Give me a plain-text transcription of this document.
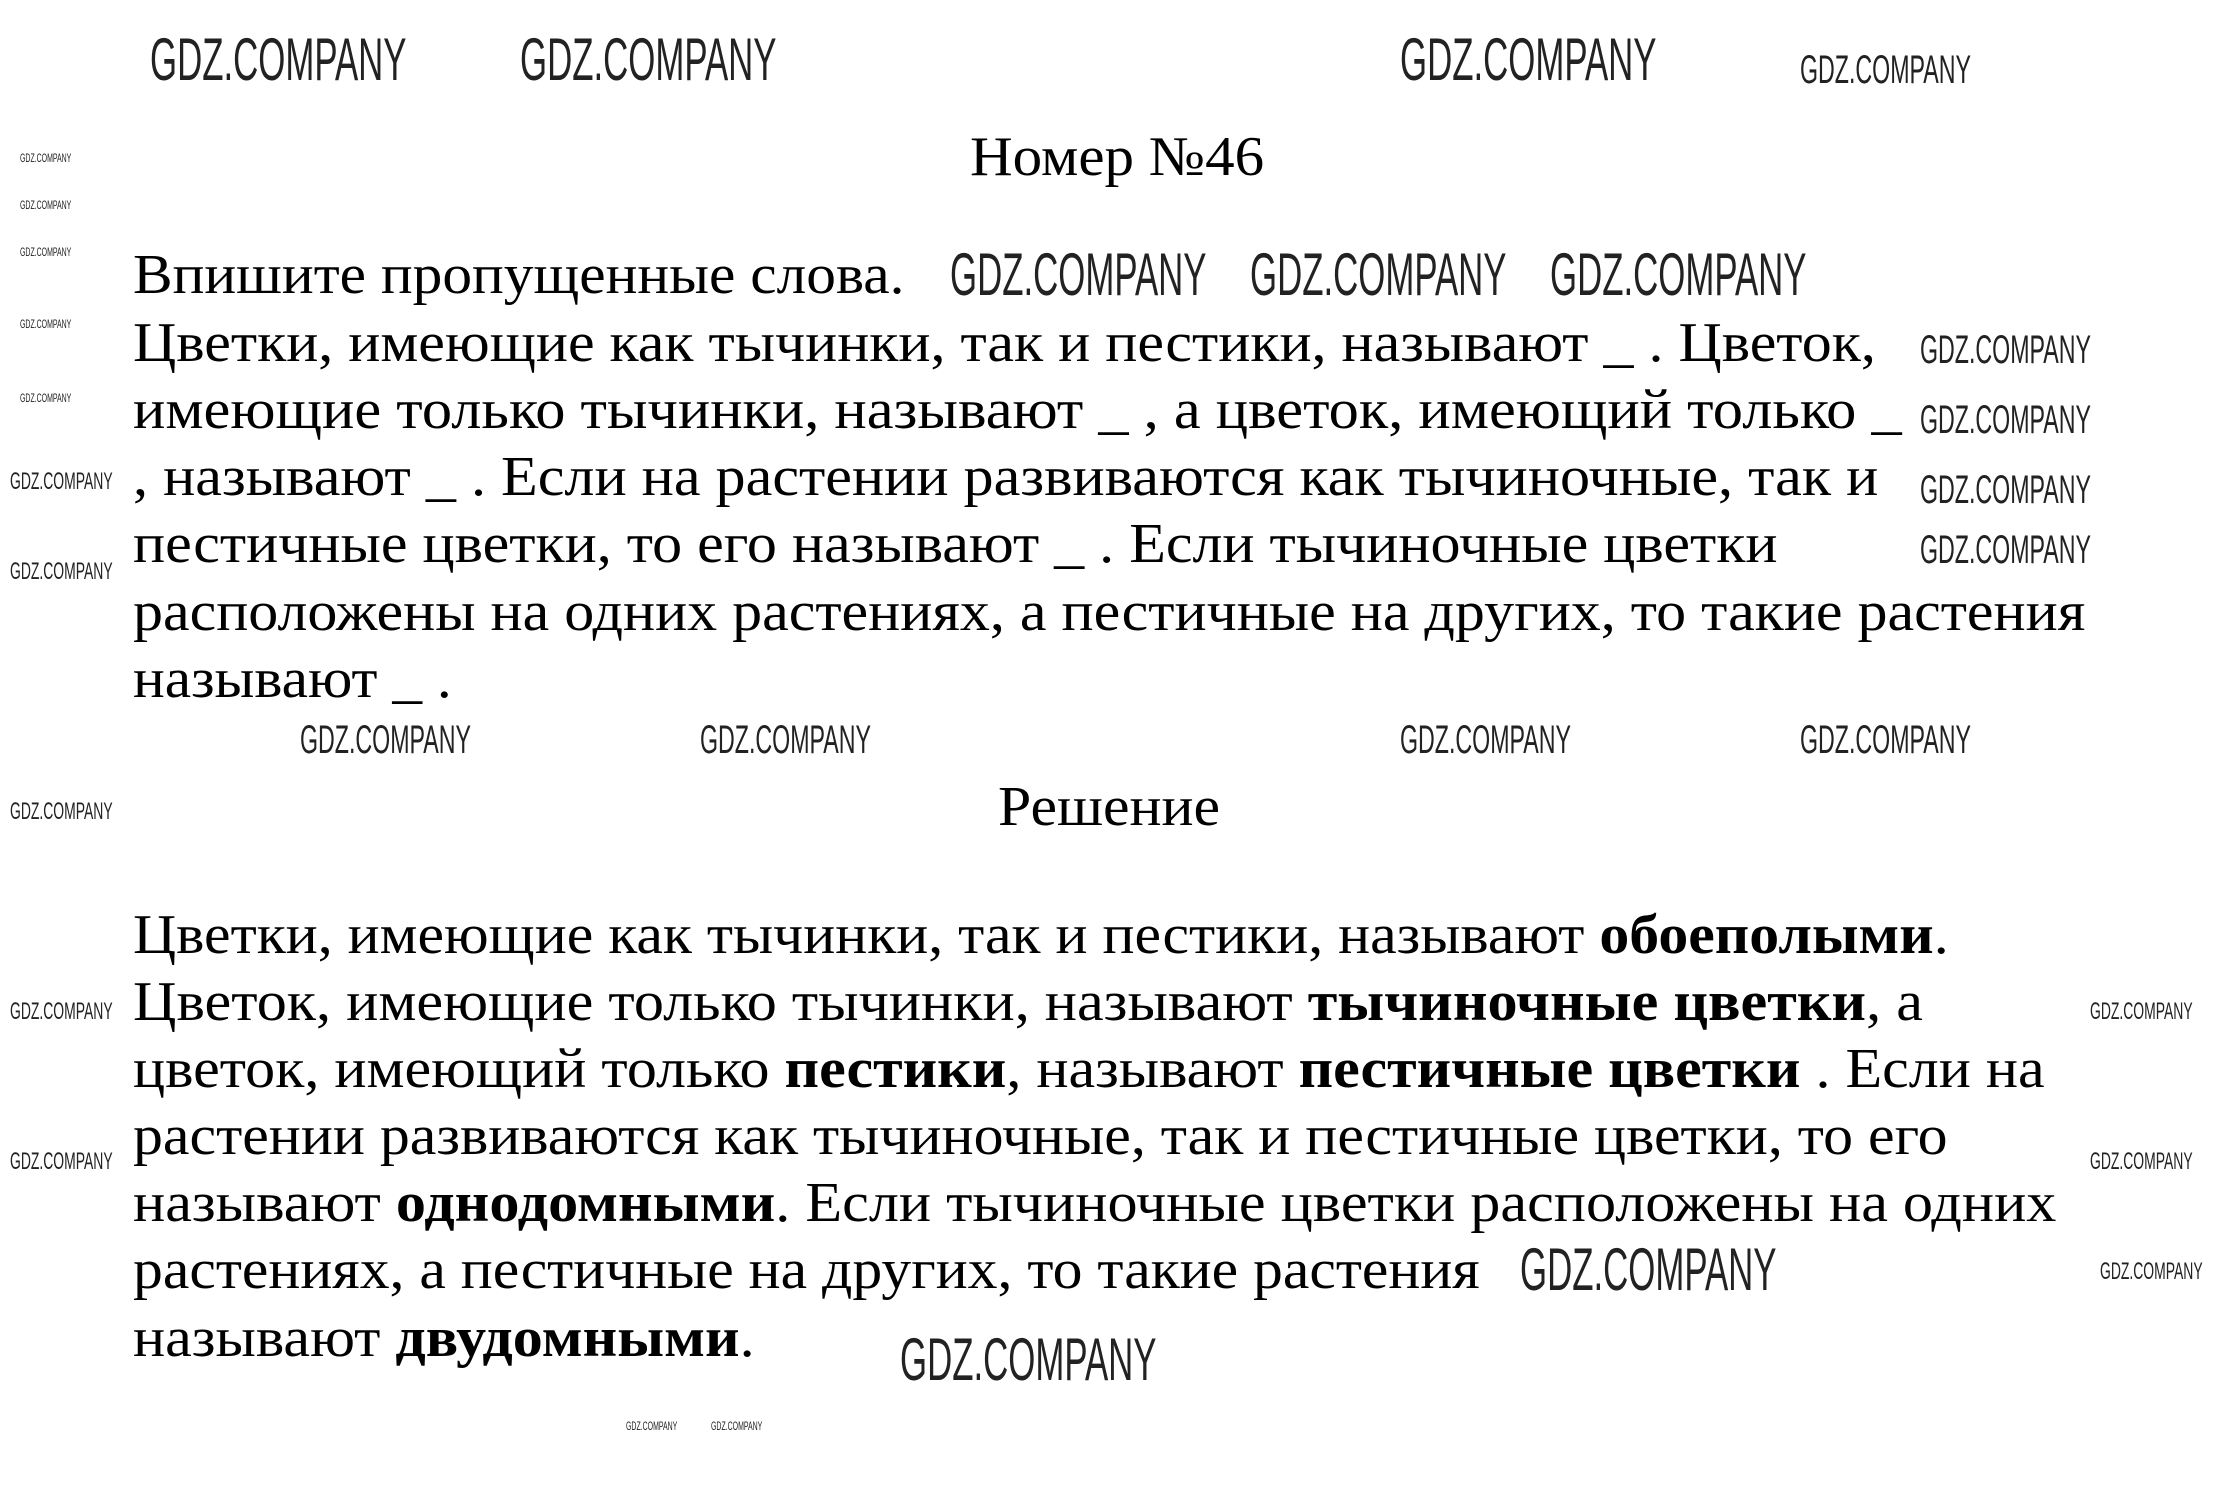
Номер №46
Впишите пропущенные слова.
Цветки, имеющие как тычинки, так и пестики, называют _ . Цветок,
имеющие только тычинки, называют _ , а цветок, имеющий только _
, называют _ . Если на растении развиваются как тычиночные, так и
пестичные цветки, то его называют _ . Если тычиночные цветки
расположены на одних растениях, а пестичные на других, то такие растения
называют _ .
Решение
Цветки, имеющие как тычинки, так и пестики, называют обоеполыми.
Цветок, имеющие только тычинки, называют тычиночные цветки, а
цветок, имеющий только пестики, называют пестичные цветки . Если на
растении развиваются как тычиночные, так и пестичные цветки, то его
называют однодомными. Если тычиночные цветки расположены на одних
растениях, а пестичные на других, то такие растения
называют двудомными.
GDZ.COMPANY
GDZ.COMPANY
GDZ.COMPANY
GDZ.COMPANY
GDZ.COMPANY
GDZ.COMPANY GDZ.COMPANY	GDZ.COMPANY	GDZ.COMPANY
GDZ.COMPANY
GDZ.COMPANY
GDZ.COMPANY
GDZ.COMPANY GDZ.COMPANY
GDZ.COMPANY
GDZ.COMPANY
GDZ.COMPANY
GDZ.COMPANY
GDZ.COMPANY
GDZ.COMPANY
GDZ.COMPANY	GDZ.COMPANY	GDZ.COMPANY
GDZ.COMPANY
GDZ.COMPANY
GDZ.COMPANY
GDZ.COMPANY
GDZ.COMPANY	GDZ.COMPANY
GDZ.COMPANY
GDZ.COMPANY	GDZ.COMPANY
